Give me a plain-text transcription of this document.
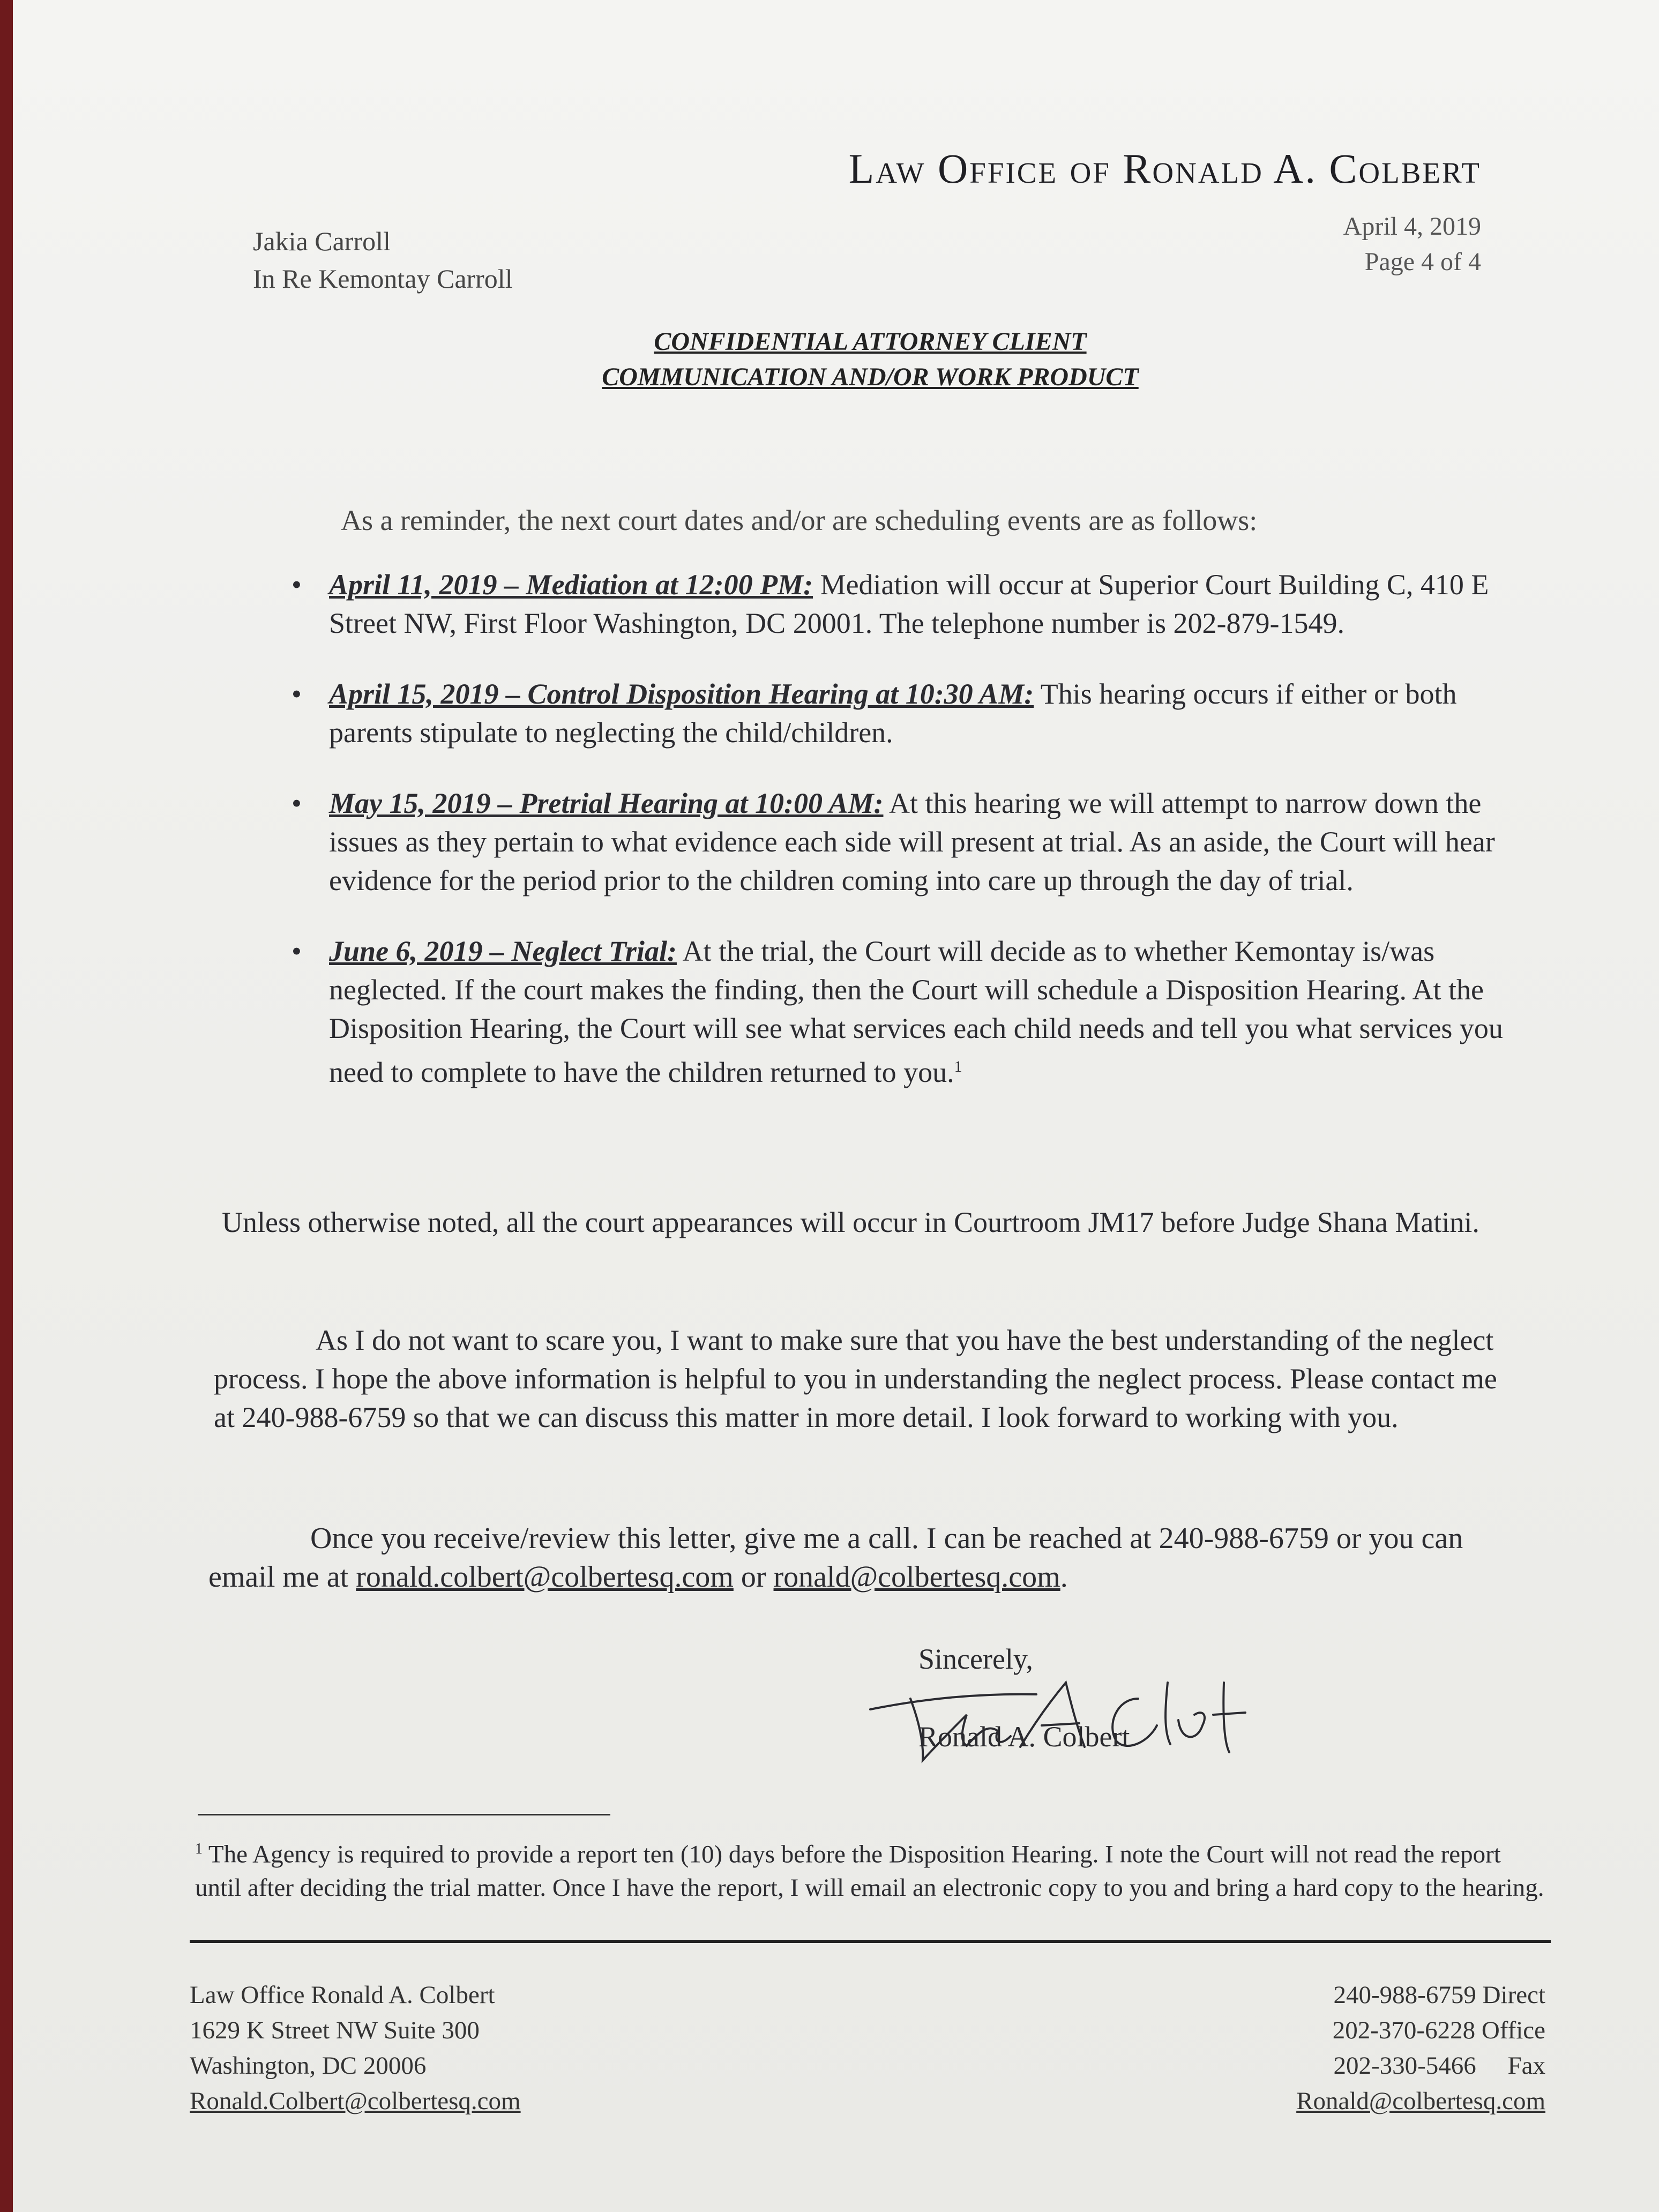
Law Office of Ronald A. Colbert
Jakia Carroll
In Re Kemontay Carroll
April 4, 2019
Page 4 of 4
CONFIDENTIAL ATTORNEY CLIENT
COMMUNICATION AND/OR WORK PRODUCT
As a reminder, the next court dates and/or are scheduling events are as follows:
• April 11, 2019 – Mediation at 12:00 PM: Mediation will occur at Superior Court Building C, 410 E Street NW, First Floor Washington, DC 20001. The telephone number is 202-879-1549.
• April 15, 2019 – Control Disposition Hearing at 10:30 AM: This hearing occurs if either or both parents stipulate to neglecting the child/children.
• May 15, 2019 – Pretrial Hearing at 10:00 AM: At this hearing we will attempt to narrow down the issues as they pertain to what evidence each side will present at trial. As an aside, the Court will hear evidence for the period prior to the children coming into care up through the day of trial.
• June 6, 2019 – Neglect Trial: At the trial, the Court will decide as to whether Kemontay is/was neglected. If the court makes the finding, then the Court will schedule a Disposition Hearing. At the Disposition Hearing, the Court will see what services each child needs and tell you what services you need to complete to have the children returned to you.$^1$
Unless otherwise noted, all the court appearances will occur in Courtroom JM17 before Judge Shana Matini.
As I do not want to scare you, I want to make sure that you have the best understanding of the neglect process. I hope the above information is helpful to you in understanding the neglect process. Please contact me at 240-988-6759 so that we can discuss this matter in more detail. I look forward to working with you.
Once you receive/review this letter, give me a call. I can be reached at 240-988-6759 or you can email me at ronald.colbert@colbertesq.com or ronald@colbertesq.com.
Sincerely,
Ronald A. Colbert
$^1$ The Agency is required to provide a report ten (10) days before the Disposition Hearing. I note the Court will not read the report until after deciding the trial matter. Once I have the report, I will email an electronic copy to you and bring a hard copy to the hearing.
Law Office Ronald A. Colbert
1629 K Street NW Suite 300
Washington, DC 20006
Ronald.Colbert@colbertesq.com
240-988-6759 Direct
202-370-6228 Office
202-330-5466     Fax
Ronald@colbertesq.com
